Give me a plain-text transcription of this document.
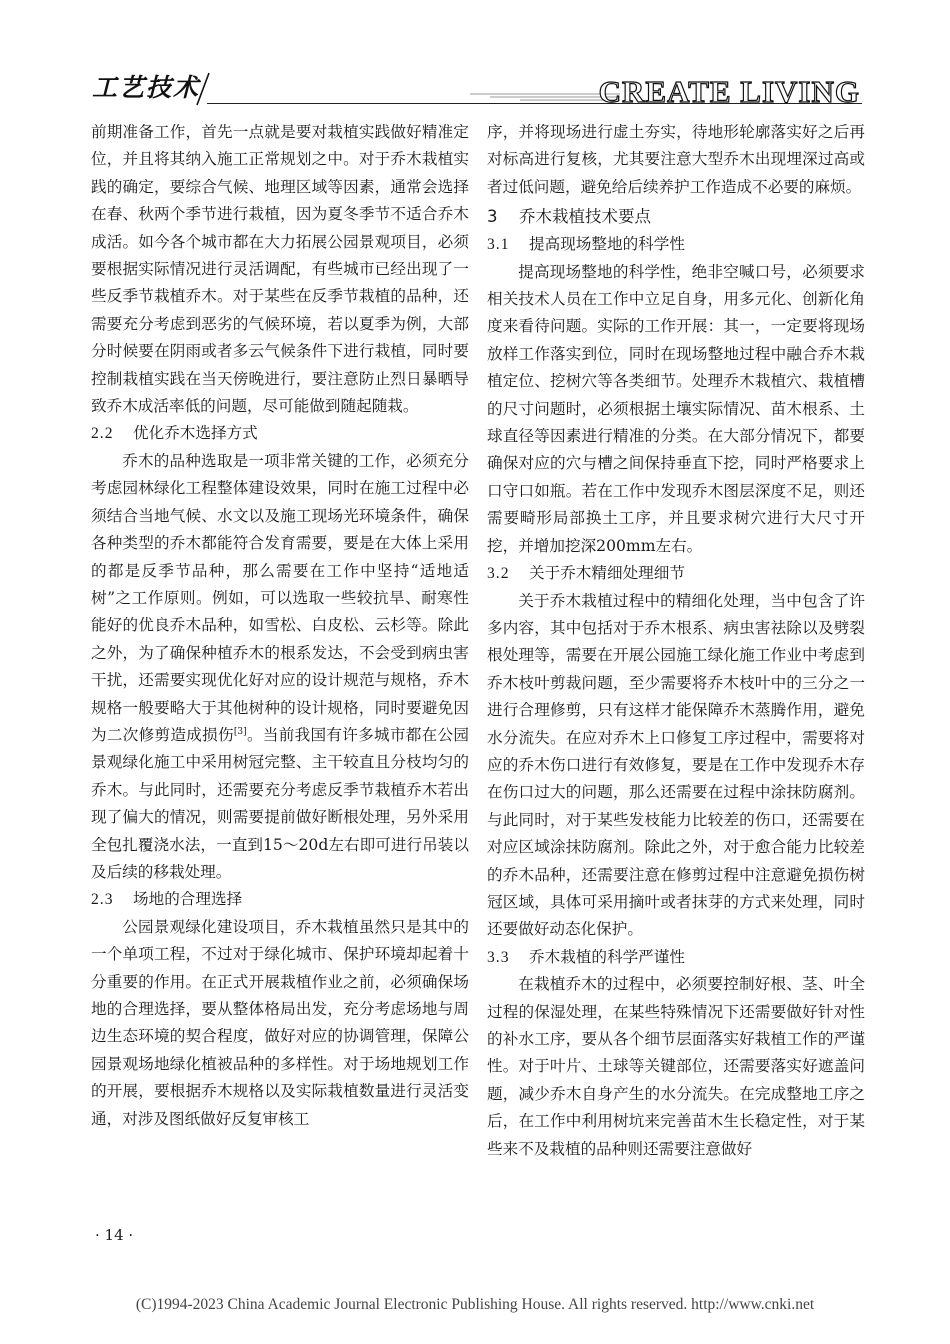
工艺技术	CREATE LIVING

前期准备工作，首先一点就是要对栽植实践做好精准定位，并且将其纳入施工正常规划之中。对于乔木栽植实践的确定，要综合气候、地理区域等因素，通常会选择在春、秋两个季节进行栽植，因为夏冬季节不适合乔木成活。如今各个城市都在大力拓展公园景观项目，必须要根据实际情况进行灵活调配，有些城市已经出现了一些反季节栽植乔木。对于某些在反季节栽植的品种，还需要充分考虑到恶劣的气候环境，若以夏季为例，大部分时候要在阴雨或者多云气候条件下进行栽植，同时要控制栽植实践在当天傍晚进行，要注意防止烈日暴晒导致乔木成活率低的问题，尽可能做到随起随栽。

2.2 优化乔木选择方式

乔木的品种选取是一项非常关键的工作，必须充分考虑园林绿化工程整体建设效果，同时在施工过程中必须结合当地气候、水文以及施工现场光环境条件，确保各种类型的乔木都能符合发育需要，要是在大体上采用的都是反季节品种，那么需要在工作中坚持“适地适树”之工作原则。例如，可以选取一些较抗旱、耐寒性能好的优良乔木品种，如雪松、白皮松、云杉等。除此之外，为了确保种植乔木的根系发达，不会受到病虫害干扰，还需要实现优化好对应的设计规范与规格，乔木规格一般要略大于其他树种的设计规格，同时要避免因为二次修剪造成损伤[3]。当前我国有许多城市都在公园景观绿化施工中采用树冠完整、主干较直且分枝均匀的乔木。与此同时，还需要充分考虑反季节栽植乔木若出现了偏大的情况，则需要提前做好断根处理，另外采用全包扎覆浇水法，一直到15～20d左右即可进行吊装以及后续的移栽处理。

2.3 场地的合理选择

公园景观绿化建设项目，乔木栽植虽然只是其中的一个单项工程，不过对于绿化城市、保护环境却起着十分重要的作用。在正式开展栽植作业之前，必须确保场地的合理选择，要从整体格局出发，充分考虑场地与周边生态环境的契合程度，做好对应的协调管理，保障公园景观场地绿化植被品种的多样性。对于场地规划工作的开展，要根据乔木规格以及实际栽植数量进行灵活变通，对涉及图纸做好反复审核工

序，并将现场进行虚土夯实，待地形轮廓落实好之后再对标高进行复核，尤其要注意大型乔木出现埋深过高或者过低问题，避免给后续养护工作造成不必要的麻烦。

3 乔木栽植技术要点
3.1 提高现场整地的科学性

提高现场整地的科学性，绝非空喊口号，必须要求相关技术人员在工作中立足自身，用多元化、创新化角度来看待问题。实际的工作开展：其一，一定要将现场放样工作落实到位，同时在现场整地过程中融合乔木栽植定位、挖树穴等各类细节。处理乔木栽植穴、栽植槽的尺寸问题时，必须根据土壤实际情况、苗木根系、土球直径等因素进行精准的分类。在大部分情况下，都要确保对应的穴与槽之间保持垂直下挖，同时严格要求上口守口如瓶。若在工作中发现乔木图层深度不足，则还需要畸形局部换土工序，并且要求树穴进行大尺寸开挖，并增加挖深200mm左右。

3.2 关于乔木精细处理细节

关于乔木栽植过程中的精细化处理，当中包含了许多内容，其中包括对于乔木根系、病虫害祛除以及劈裂根处理等，需要在开展公园施工绿化施工作业中考虑到乔木枝叶剪裁问题，至少需要将乔木枝叶中的三分之一进行合理修剪，只有这样才能保障乔木蒸腾作用，避免水分流失。在应对乔木上口修复工序过程中，需要将对应的乔木伤口进行有效修复，要是在工作中发现乔木存在伤口过大的问题，那么还需要在过程中涂抹防腐剂。与此同时，对于某些发枝能力比较差的伤口，还需要在对应区域涂抹防腐剂。除此之外，对于愈合能力比较差的乔木品种，还需要注意在修剪过程中注意避免损伤树冠区域，具体可采用摘叶或者抹芽的方式来处理，同时还要做好动态化保护。

3.3 乔木栽植的科学严谨性

在栽植乔木的过程中，必须要控制好根、茎、叶全过程的保湿处理，在某些特殊情况下还需要做好针对性的补水工序，要从各个细节层面落实好栽植工作的严谨性。对于叶片、土球等关键部位，还需要落实好遮盖问题，减少乔木自身产生的水分流失。在完成整地工序之后，在工作中利用树坑来完善苗木生长稳定性，对于某些来不及栽植的品种则还需要注意做好

· 14 ·
(C)1994-2023 China Academic Journal Electronic Publishing House. All rights reserved. http://www.cnki.net
